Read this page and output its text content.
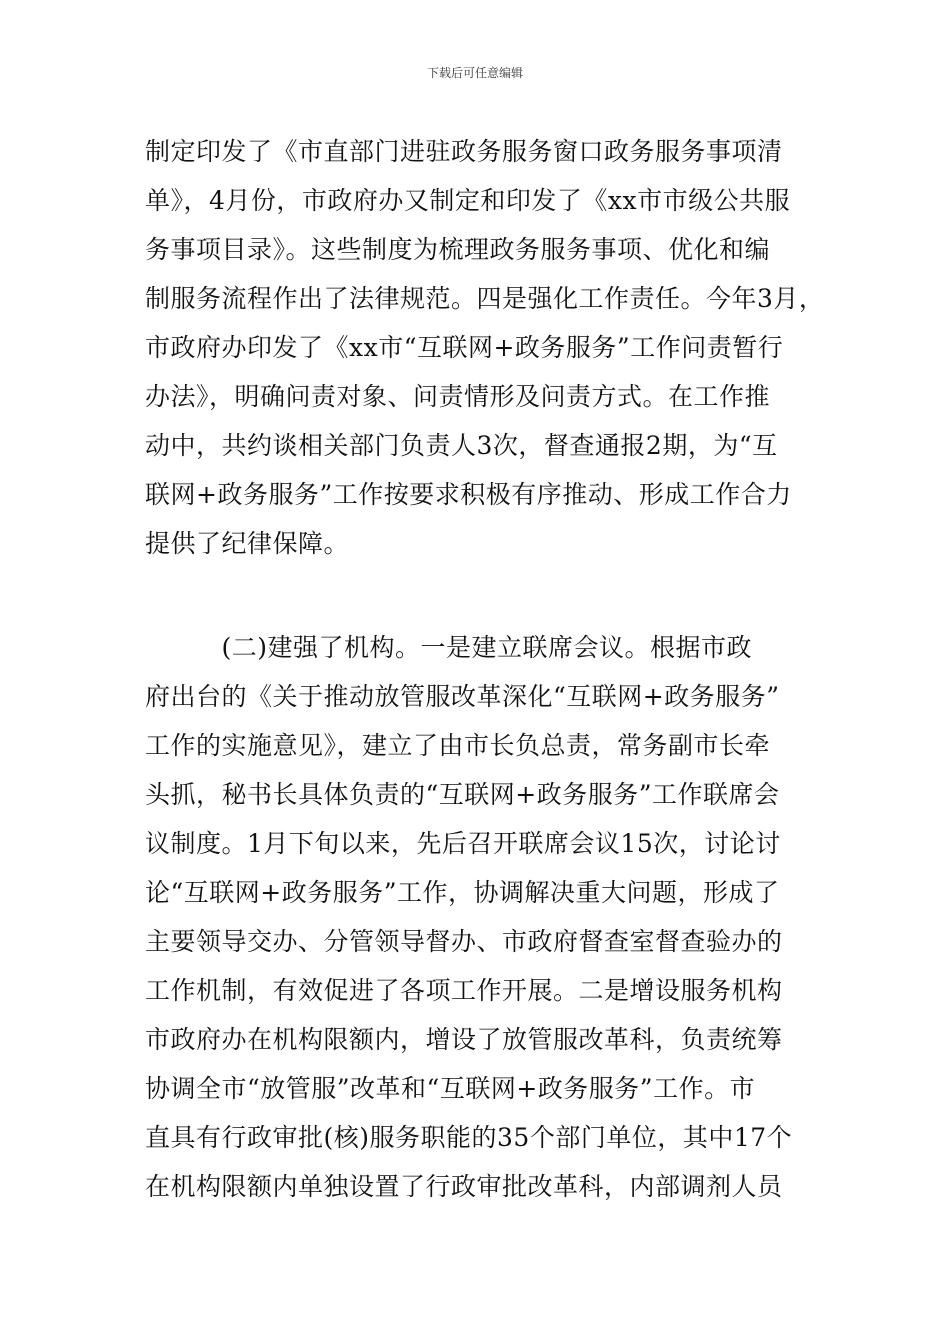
下载后可任意编辑
制定印发了《市直部门进驻政务服务窗口政务服务事项清
单》，4月份，市政府办又制定和印发了《xx市市级公共服
务事项目录》。这些制度为梳理政务服务事项、优化和编
制服务流程作出了法律规范。四是强化工作责任。今年3月，
市政府办印发了《xx市“互联网+政务服务”工作问责暂行
办法》，明确问责对象、问责情形及问责方式。在工作推
动中，共约谈相关部门负责人3次，督查通报2期，为“互
联网+政务服务”工作按要求积极有序推动、形成工作合力
提供了纪律保障。
　　　(二)建强了机构。一是建立联席会议。根据市政
府出台的《关于推动放管服改革深化“互联网+政务服务”
工作的实施意见》，建立了由市长负总责，常务副市长牵
头抓，秘书长具体负责的“互联网+政务服务”工作联席会
议制度。1月下旬以来，先后召开联席会议15次，讨论讨
论“互联网+政务服务”工作，协调解决重大问题，形成了
主要领导交办、分管领导督办、市政府督查室督查验办的
工作机制，有效促进了各项工作开展。二是增设服务机构
市政府办在机构限额内，增设了放管服改革科，负责统筹
协调全市“放管服”改革和“互联网+政务服务”工作。市
直具有行政审批(核)服务职能的35个部门单位，其中17个
在机构限额内单独设置了行政审批改革科，内部调剂人员
